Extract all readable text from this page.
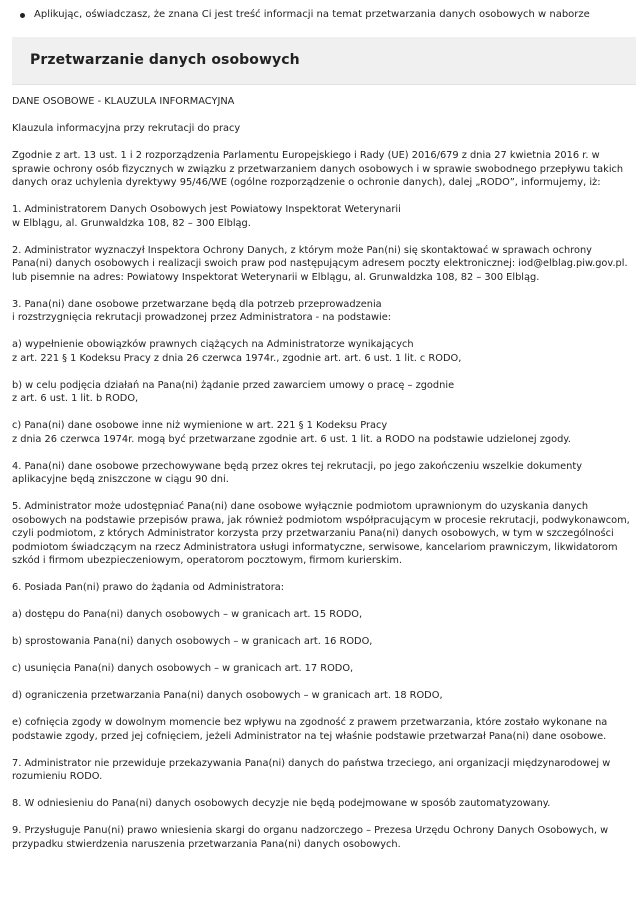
Aplikując, oświadczasz, że znana Ci jest treść informacji na temat przetwarzania danych osobowych w naborze
Przetwarzanie danych osobowych

DANE OSOBOWE - KLAUZULA INFORMACYJNA

Klauzula informacyjna przy rekrutacji do pracy

Zgodnie z art. 13 ust. 1 i 2 rozporządzenia Parlamentu Europejskiego i Rady (UE) 2016/679 z dnia 27 kwietnia 2016 r. w sprawie ochrony osób fizycznych w związku z przetwarzaniem danych osobowych i w sprawie swobodnego przepływu takich danych oraz uchylenia dyrektywy 95/46/WE (ogólne rozporządzenie o ochronie danych), dalej „RODO”, informujemy, iż:

1. Administratorem Danych Osobowych jest Powiatowy Inspektorat Weterynarii
w Elblągu, al. Grunwaldzka 108, 82 – 300 Elbląg.

2. Administrator wyznaczył Inspektora Ochrony Danych, z którym może Pan(ni) się skontaktować w sprawach ochrony Pana(ni) danych osobowych i realizacji swoich praw pod następującym adresem poczty elektronicznej: iod@elblag.piw.gov.pl. lub pisemnie na adres: Powiatowy Inspektorat Weterynarii w Elblągu, al. Grunwaldzka 108, 82 – 300 Elbląg.

3. Pana(ni) dane osobowe przetwarzane będą dla potrzeb przeprowadzenia
i rozstrzygnięcia rekrutacji prowadzonej przez Administratora - na podstawie:

a) wypełnienie obowiązków prawnych ciążących na Administratorze wynikających
z art. 221 § 1 Kodeksu Pracy z dnia 26 czerwca 1974r., zgodnie art. art. 6 ust. 1 lit. c RODO,

b) w celu podjęcia działań na Pana(ni) żądanie przed zawarciem umowy o pracę – zgodnie
z art. 6 ust. 1 lit. b RODO,

c) Pana(ni) dane osobowe inne niż wymienione w art. 221 § 1 Kodeksu Pracy
z dnia 26 czerwca 1974r. mogą być przetwarzane zgodnie art. 6 ust. 1 lit. a RODO na podstawie udzielonej zgody.

4. Pana(ni) dane osobowe przechowywane będą przez okres tej rekrutacji, po jego zakończeniu wszelkie dokumenty aplikacyjne będą zniszczone w ciągu 90 dni.

5. Administrator może udostępniać Pana(ni) dane osobowe wyłącznie podmiotom uprawnionym do uzyskania danych osobowych na podstawie przepisów prawa, jak również podmiotom współpracującym w procesie rekrutacji, podwykonawcom, czyli podmiotom, z których Administrator korzysta przy przetwarzaniu Pana(ni) danych osobowych, w tym w szczególności podmiotom świadczącym na rzecz Administratora usługi informatyczne, serwisowe, kancelariom prawniczym, likwidatorom szkód i firmom ubezpieczeniowym, operatorom pocztowym, firmom kurierskim.

6. Posiada Pan(ni) prawo do żądania od Administratora:

a) dostępu do Pana(ni) danych osobowych – w granicach art. 15 RODO,

b) sprostowania Pana(ni) danych osobowych – w granicach art. 16 RODO,

c) usunięcia Pana(ni) danych osobowych – w granicach art. 17 RODO,

d) ograniczenia przetwarzania Pana(ni) danych osobowych – w granicach art. 18 RODO,

e) cofnięcia zgody w dowolnym momencie bez wpływu na zgodność z prawem przetwarzania, które zostało wykonane na podstawie zgody, przed jej cofnięciem, jeżeli Administrator na tej właśnie podstawie przetwarzał Pana(ni) dane osobowe.

7. Administrator nie przewiduje przekazywania Pana(ni) danych do państwa trzeciego, ani organizacji międzynarodowej w rozumieniu RODO.

8. W odniesieniu do Pana(ni) danych osobowych decyzje nie będą podejmowane w sposób zautomatyzowany.

9. Przysługuje Panu(ni) prawo wniesienia skargi do organu nadzorczego – Prezesa Urzędu Ochrony Danych Osobowych, w przypadku stwierdzenia naruszenia przetwarzania Pana(ni) danych osobowych.
